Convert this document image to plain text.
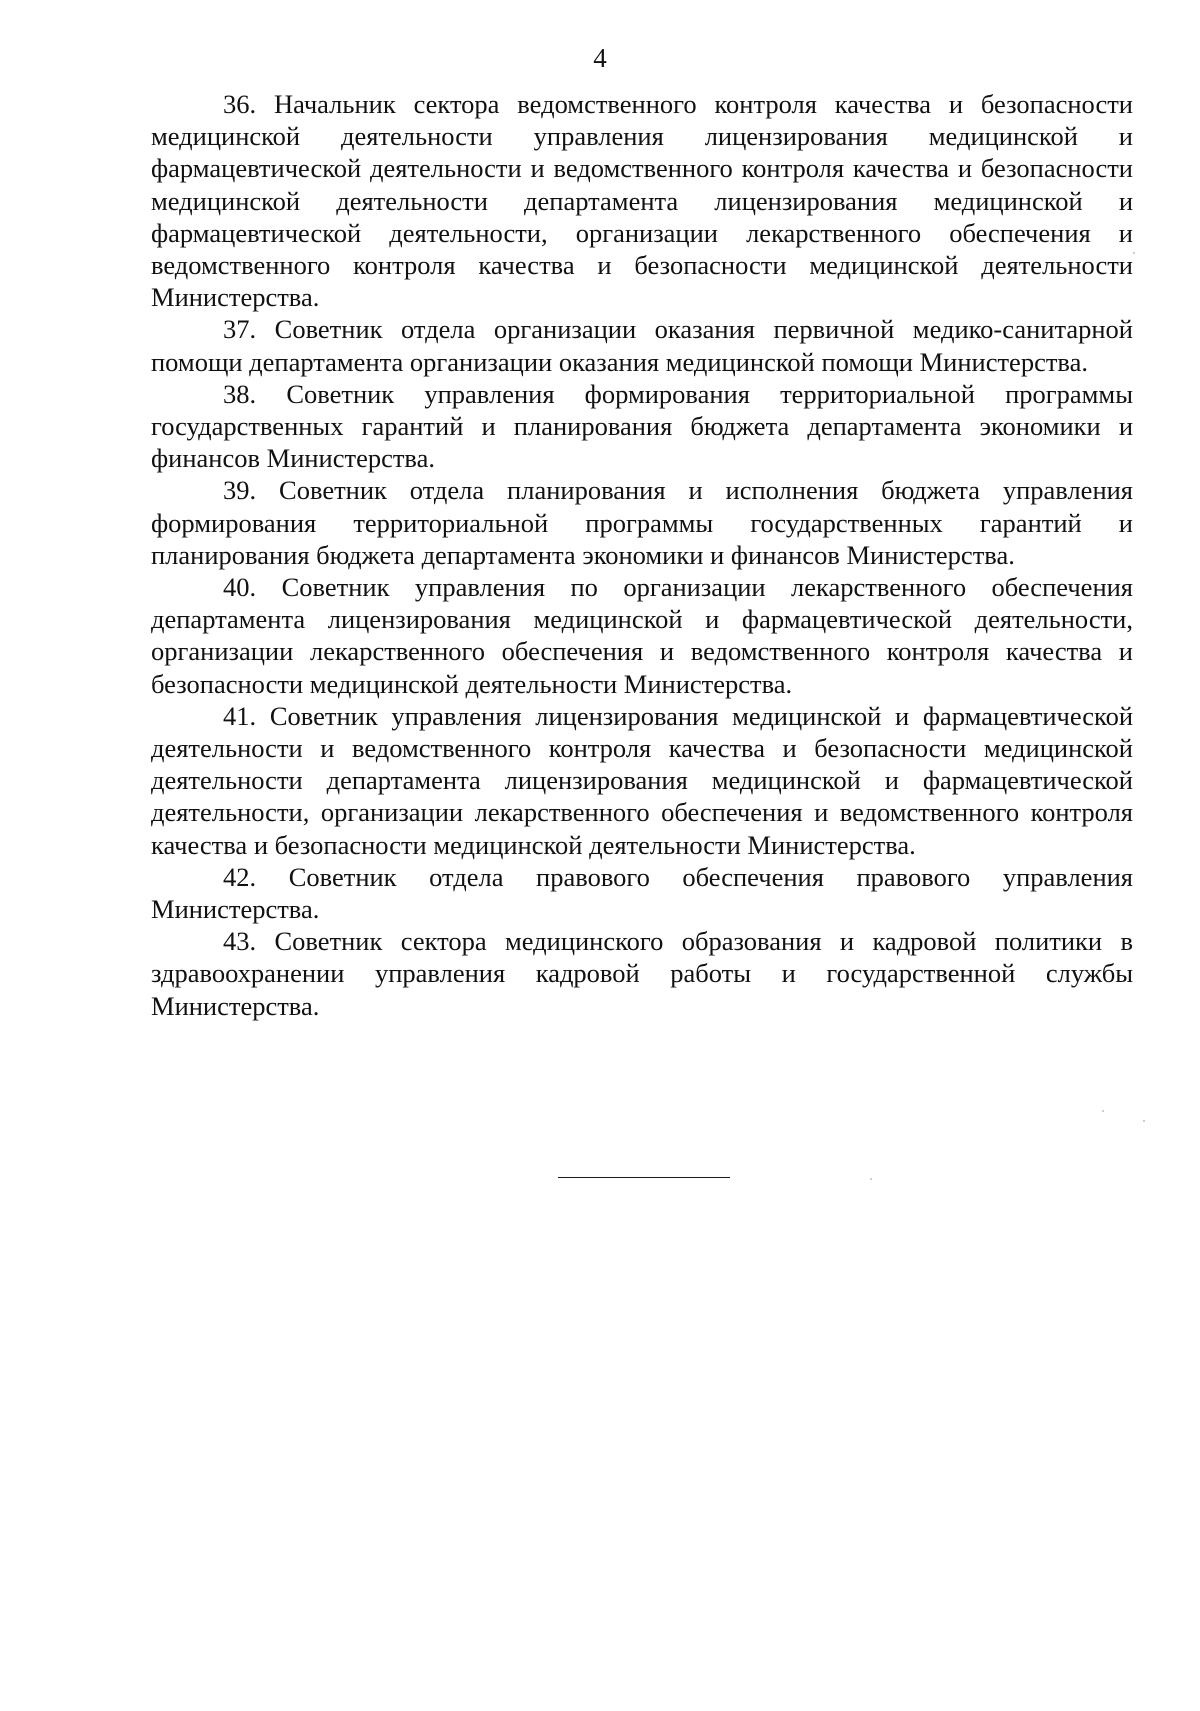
4

36. Начальник сектора ведомственного контроля качества и безопасности медицинской деятельности управления лицензирования медицинской и фармацевтической деятельности и ведомственного контроля качества и безопасности медицинской деятельности департамента лицензирования медицинской и фармацевтической деятельности, организации лекарственного обеспечения и ведомственного контроля качества и безопасности медицинской деятельности Министерства.

37. Советник отдела организации оказания первичной медико-санитарной помощи департамента организации оказания медицинской помощи Министерства.

38. Советник управления формирования территориальной программы государственных гарантий и планирования бюджета департамента экономики и финансов Министерства.

39. Советник отдела планирования и исполнения бюджета управления формирования территориальной программы государственных гарантий и планирования бюджета департамента экономики и финансов Министерства.

40. Советник управления по организации лекарственного обеспечения департамента лицензирования медицинской и фармацевтической деятельности, организации лекарственного обеспечения и ведомственного контроля качества и безопасности медицинской деятельности Министерства.

41. Советник управления лицензирования медицинской и фармацевтической деятельности и ведомственного контроля качества и безопасности медицинской деятельности департамента лицензирования медицинской и фармацевтической деятельности, организации лекарственного обеспечения и ведомственного контроля качества и безопасности медицинской деятельности Министерства.

42. Советник отдела правового обеспечения правового управления Министерства.

43. Советник сектора медицинского образования и кадровой политики в здравоохранении управления кадровой работы и государственной службы Министерства.
